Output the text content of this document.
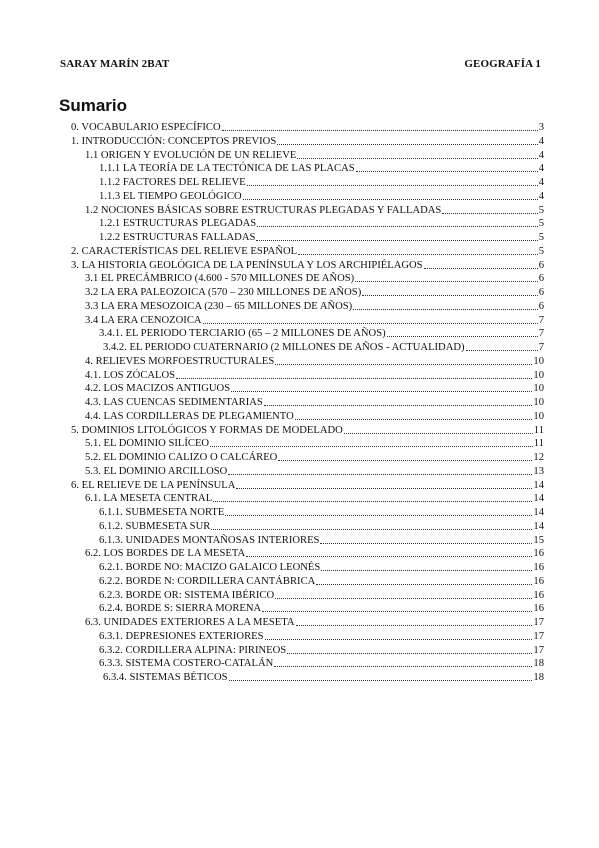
SARAY MARÍN 2BAT	GEOGRAFÍA 1
Sumario
0. VOCABULARIO ESPECÍFICO	3
1. INTRODUCCIÓN: CONCEPTOS PREVIOS	4
1.1 ORIGEN Y EVOLUCIÓN DE UN RELIEVE	4
1.1.1 LA TEORÍA DE LA TECTÓNICA DE LAS PLACAS	4
1.1.2 FACTORES DEL RELIEVE	4
1.1.3 EL TIEMPO GEOLÓGICO	4
1.2 NOCIONES BÁSICAS SOBRE ESTRUCTURAS PLEGADAS Y FALLADAS	5
1.2.1 ESTRUCTURAS PLEGADAS	5
1.2.2 ESTRUCTURAS FALLADAS	5
2. CARACTERÍSTICAS DEL RELIEVE ESPAÑOL	5
3. LA HISTORIA GEOLÓGICA DE LA PENÍNSULA Y LOS ARCHIPIÉLAGOS	6
3.1 EL PRECÁMBRICO (4.600 - 570 MILLONES DE AÑOS)	6
3.2 LA ERA PALEOZOICA (570 – 230 MILLONES DE AÑOS)	6
3.3 LA ERA MESOZOICA (230 – 65 MILLONES DE AÑOS)	6
3.4 LA ERA CENOZOICA	7
3.4.1. EL PERIODO TERCIARIO (65 – 2 MILLONES DE AÑOS)	7
3.4.2. EL PERIODO CUATERNARIO (2 MILLONES DE AÑOS - ACTUALIDAD)	7
4. RELIEVES MORFOESTRUCTURALES	10
4.1. LOS ZÓCALOS	10
4.2. LOS MACIZOS ANTIGUOS	10
4.3. LAS CUENCAS SEDIMENTARIAS	10
4.4. LAS CORDILLERAS DE PLEGAMIENTO	10
5. DOMINIOS LITOLÓGICOS Y FORMAS DE MODELADO	11
5.1. EL DOMINIO SILÍCEO	11
5.2. EL DOMINIO CALIZO O CALCÁREO	12
5.3. EL DOMINIO ARCILLOSO	13
6. EL RELIEVE DE LA PENÍNSULA	14
6.1. LA MESETA CENTRAL	14
6.1.1. SUBMESETA NORTE	14
6.1.2. SUBMESETA SUR	14
6.1.3. UNIDADES MONTAÑOSAS INTERIORES	15
6.2. LOS BORDES DE LA MESETA	16
6.2.1. BORDE NO: MACIZO GALAICO LEONÉS	16
6.2.2. BORDE N: CORDILLERA CANTÁBRICA	16
6.2.3. BORDE OR: SISTEMA IBÉRICO	16
6.2.4. BORDE S: SIERRA MORENA	16
6.3. UNIDADES EXTERIORES A LA MESETA	17
6.3.1. DEPRESIONES EXTERIORES	17
6.3.2. CORDILLERA ALPINA: PIRINEOS	17
6.3.3. SISTEMA COSTERO-CATALÁN	18
6.3.4. SISTEMAS BÉTICOS	18
